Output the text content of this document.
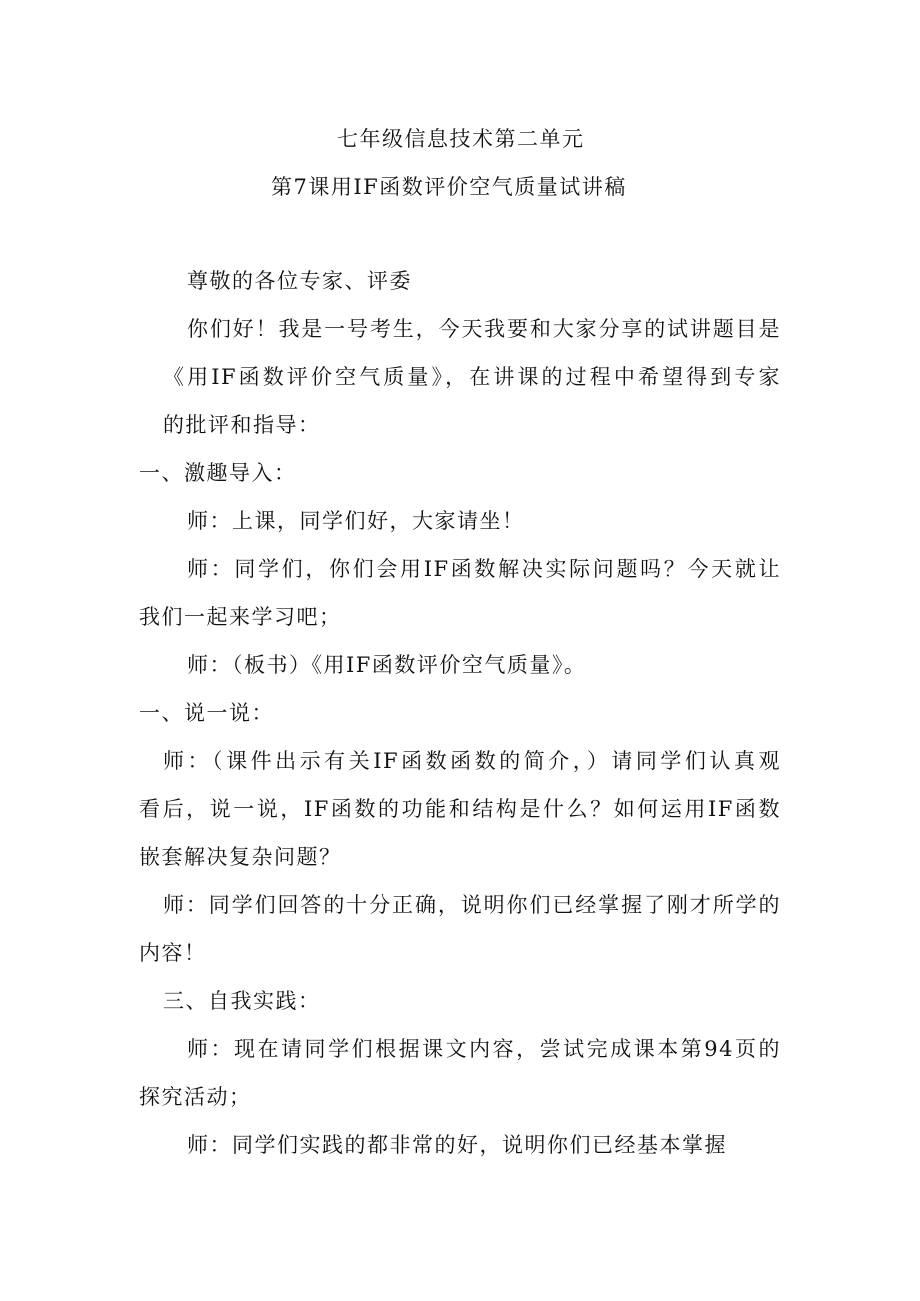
七年级信息技术第二单元

第7课用IF函数评价空气质量试讲稿

尊敬的各位专家、评委

你们好！我是一号考生，今天我要和大家分享的试讲题目是

《用IF函数评价空气质量》，在讲课的过程中希望得到专家

的批评和指导：

一、激趣导入：

师：上课，同学们好，大家请坐！

师：同学们，你们会用IF函数解决实际问题吗？今天就让

我们一起来学习吧；

师：（板书）《用IF函数评价空气质量》。

一、说一说：

师：（课件出示有关IF函数函数的简介，）请同学们认真观

看后，说一说，IF函数的功能和结构是什么？如何运用IF函数

嵌套解决复杂问题？

师：同学们回答的十分正确，说明你们已经掌握了刚才所学的

内容！

三、自我实践：

师：现在请同学们根据课文内容，尝试完成课本第94页的

探究活动；

师：同学们实践的都非常的好，说明你们已经基本掌握
